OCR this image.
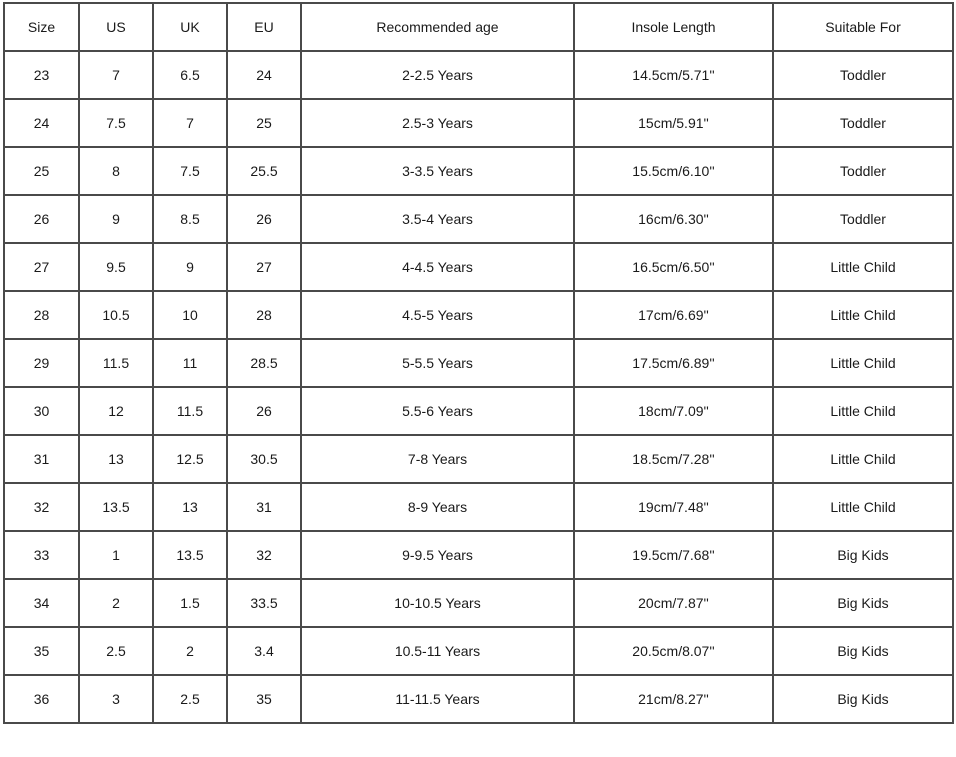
Size	US	UK	EU	Recommended age	Insole Length	Suitable For
23	7	6.5	24	2-2.5 Years	14.5cm/5.71''	Toddler
24	7.5	7	25	2.5-3 Years	15cm/5.91''	Toddler
25	8	7.5	25.5	3-3.5 Years	15.5cm/6.10''	Toddler
26	9	8.5	26	3.5-4 Years	16cm/6.30''	Toddler
27	9.5	9	27	4-4.5 Years	16.5cm/6.50''	Little Child
28	10.5	10	28	4.5-5 Years	17cm/6.69''	Little Child
29	11.5	11	28.5	5-5.5 Years	17.5cm/6.89''	Little Child
30	12	11.5	26	5.5-6 Years	18cm/7.09''	Little Child
31	13	12.5	30.5	7-8 Years	18.5cm/7.28''	Little Child
32	13.5	13	31	8-9 Years	19cm/7.48''	Little Child
33	1	13.5	32	9-9.5 Years	19.5cm/7.68''	Big Kids
34	2	1.5	33.5	10-10.5 Years	20cm/7.87''	Big Kids
35	2.5	2	3.4	10.5-11 Years	20.5cm/8.07''	Big Kids
36	3	2.5	35	11-11.5 Years	21cm/8.27''	Big Kids
